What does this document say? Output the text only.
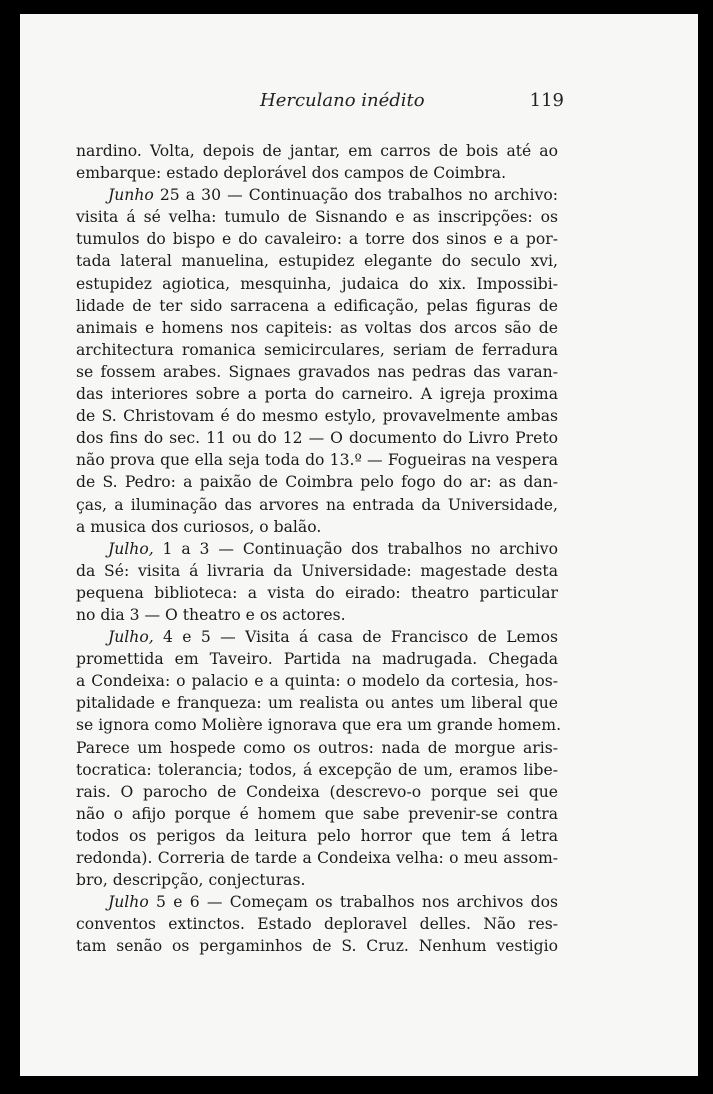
Herculano inédito	119
nardino. Volta, depois de jantar, em carros de bois até ao
embarque: estado deplorável dos campos de Coimbra.
Junho 25 a 30 — Continuação dos trabalhos no archivo:
visita á sé velha: tumulo de Sisnando e as inscripções: os
tumulos do bispo e do cavaleiro: a torre dos sinos e a por-
tada lateral manuelina, estupidez elegante do seculo xvi,
estupidez agiotica, mesquinha, judaica do xix. Impossibi-
lidade de ter sido sarracena a edificação, pelas figuras de
animais e homens nos capiteis: as voltas dos arcos são de
architectura romanica semicirculares, seriam de ferradura
se fossem arabes. Signaes gravados nas pedras das varan-
das interiores sobre a porta do carneiro. A igreja proxima
de S. Christovam é do mesmo estylo, provavelmente ambas
dos fins do sec. 11 ou do 12 — O documento do Livro Preto
não prova que ella seja toda do 13.º — Fogueiras na vespera
de S. Pedro: a paixão de Coimbra pelo fogo do ar: as dan-
ças, a iluminação das arvores na entrada da Universidade,
a musica dos curiosos, o balão.
Julho, 1 a 3 — Continuação dos trabalhos no archivo
da Sé: visita á livraria da Universidade: magestade desta
pequena biblioteca: a vista do eirado: theatro particular
no dia 3 — O theatro e os actores.
Julho, 4 e 5 — Visita á casa de Francisco de Lemos
promettida em Taveiro. Partida na madrugada. Chegada
a Condeixa: o palacio e a quinta: o modelo da cortesia, hos-
pitalidade e franqueza: um realista ou antes um liberal que
se ignora como Molière ignorava que era um grande homem.
Parece um hospede como os outros: nada de morgue aris-
tocratica: tolerancia; todos, á excepção de um, eramos libe-
rais. O parocho de Condeixa (descrevo-o porque sei que
não o afijo porque é homem que sabe prevenir-se contra
todos os perigos da leitura pelo horror que tem á letra
redonda). Correria de tarde a Condeixa velha: o meu assom-
bro, descripção, conjecturas.
Julho 5 e 6 — Começam os trabalhos nos archivos dos
conventos extinctos. Estado deploravel delles. Não res-
tam senão os pergaminhos de S. Cruz. Nenhum vestigio
